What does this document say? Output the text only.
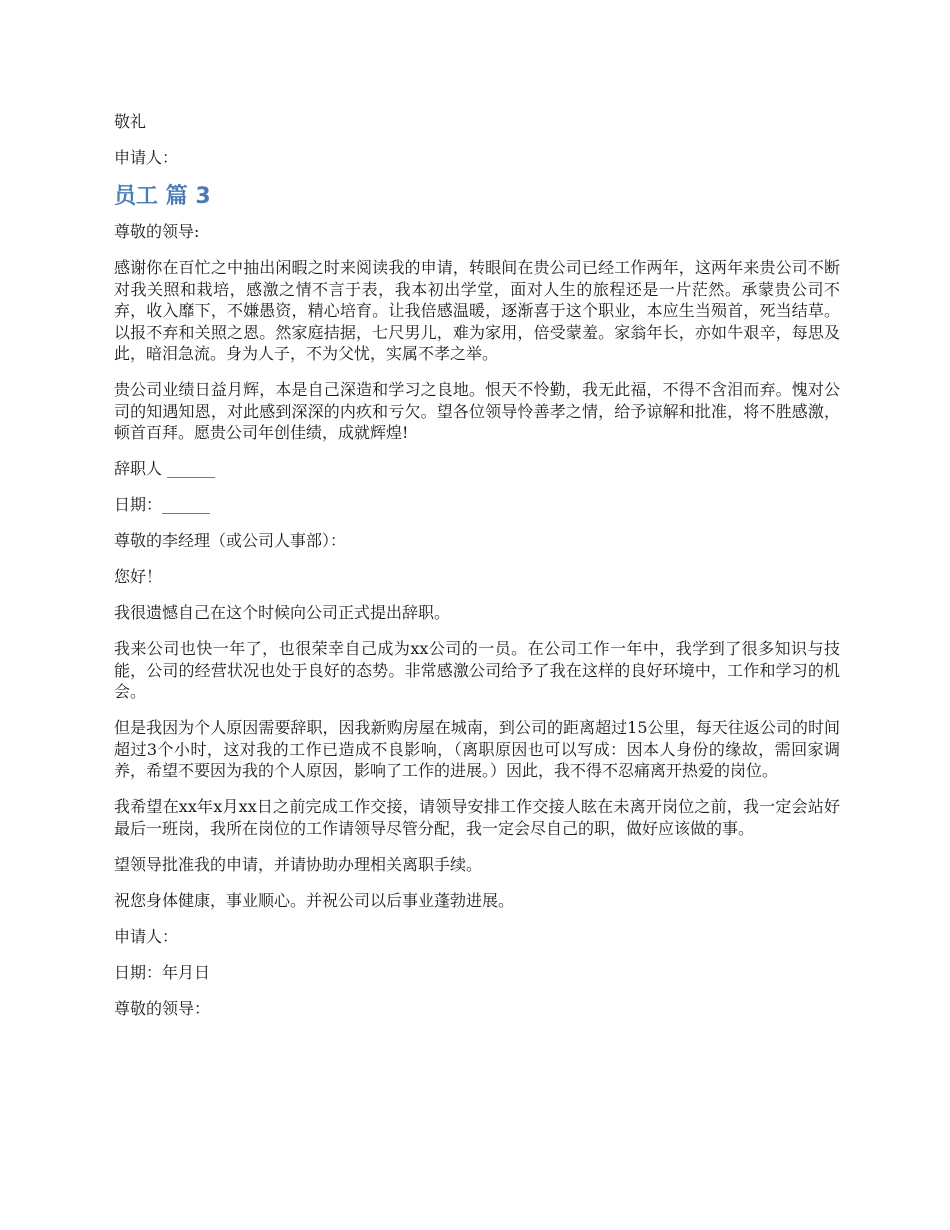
敬礼

申请人：

员工 篇 3

尊敬的领导:

感谢你在百忙之中抽出闲暇之时来阅读我的申请，转眼间在贵公司已经工作两年，这两年来贵公司不断对我关照和栽培，感激之情不言于表，我本初出学堂，面对人生的旅程还是一片茫然。承蒙贵公司不弃，收入靡下，不嫌愚资，精心培育。让我倍感温暖，逐渐喜于这个职业，本应生当殒首，死当结草。以报不弃和关照之恩。然家庭拮据，七尺男儿，难为家用，倍受蒙羞。家翁年长，亦如牛艰辛，每思及此，暗泪急流。身为人子，不为父忧，实属不孝之举。

贵公司业绩日益月辉，本是自己深造和学习之良地。恨天不怜勤，我无此福，不得不含泪而弃。愧对公司的知遇知恩，对此感到深深的内疚和亏欠。望各位领导怜善孝之情，给予谅解和批准，将不胜感激，顿首百拜。愿贵公司年创佳绩，成就辉煌!

辞职人 ______

日期：______

尊敬的李经理（或公司人事部）：

您好！

我很遗憾自己在这个时候向公司正式提出辞职。

我来公司也快一年了，也很荣幸自己成为xx公司的一员。在公司工作一年中，我学到了很多知识与技能，公司的经营状况也处于良好的态势。非常感激公司给予了我在这样的良好环境中，工作和学习的机会。

但是我因为个人原因需要辞职，因我新购房屋在城南，到公司的距离超过15公里，每天往返公司的时间超过3个小时，这对我的工作已造成不良影响，（离职原因也可以写成：因本人身份的缘故，需回家调养，希望不要因为我的个人原因，影响了工作的进展。）因此，我不得不忍痛离开热爱的岗位。

我希望在xx年x月xx日之前完成工作交接，请领导安排工作交接人眩在未离开岗位之前，我一定会站好最后一班岗，我所在岗位的工作请领导尽管分配，我一定会尽自己的职，做好应该做的事。

望领导批准我的申请，并请协助办理相关离职手续。

祝您身体健康，事业顺心。并祝公司以后事业蓬勃进展。

申请人：

日期：年月日

尊敬的领导：
